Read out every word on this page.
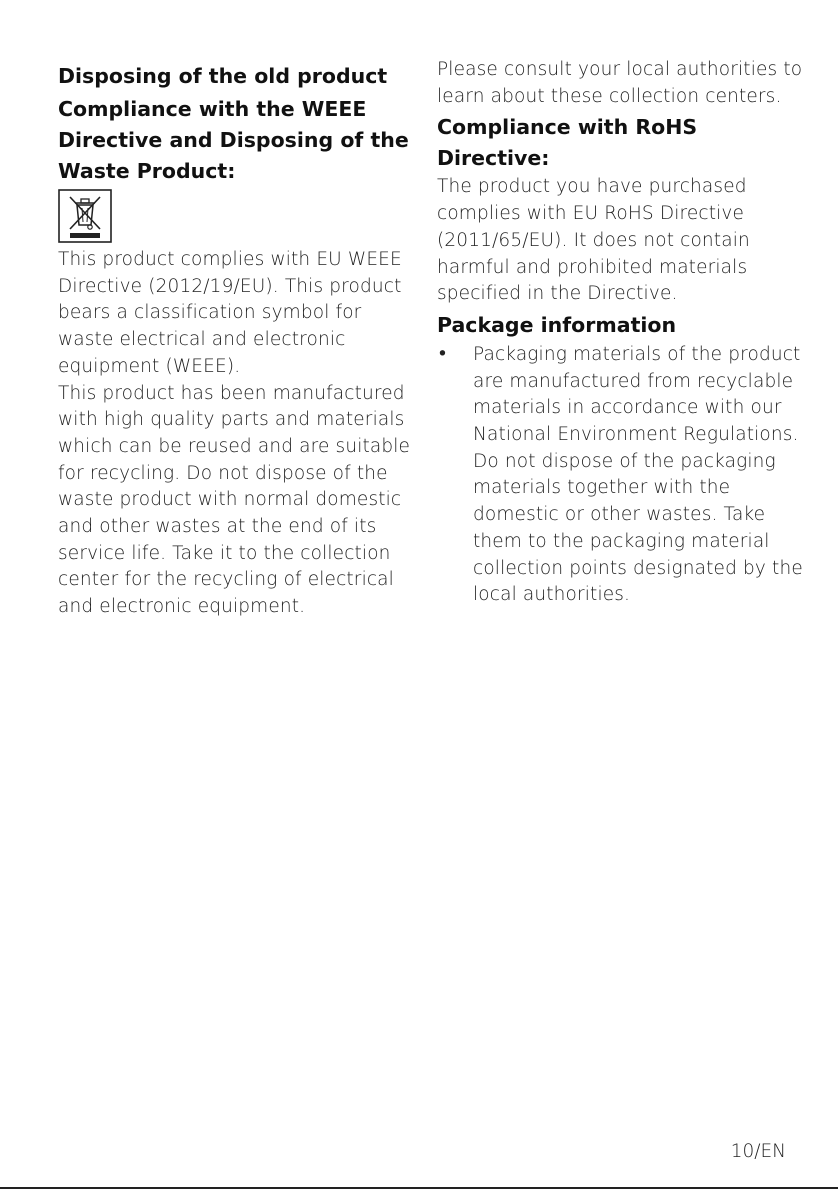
Disposing of the old product
Compliance with the WEEE Directive and Disposing of the Waste Product:

This product complies with EU WEEE Directive (2012/19/EU). This product bears a classification symbol for waste electrical and electronic equipment (WEEE).

This product has been manufactured with high quality parts and materials which can be reused and are suitable for recycling. Do not dispose of the waste product with normal domestic and other wastes at the end of its service life. Take it to the collection center for the recycling of electrical and electronic equipment.

Please consult your local authorities to learn about these collection centers.

Compliance with RoHS Directive:

The product you have purchased complies with EU RoHS Directive (2011/65/EU). It does not contain harmful and prohibited materials specified in the Directive.

Package information
•	Packaging materials of the product are manufactured from recyclable materials in accordance with our National Environment Regulations. Do not dispose of the packaging materials together with the domestic or other wastes. Take them to the packaging material collection points designated by the local authorities.

10/EN
